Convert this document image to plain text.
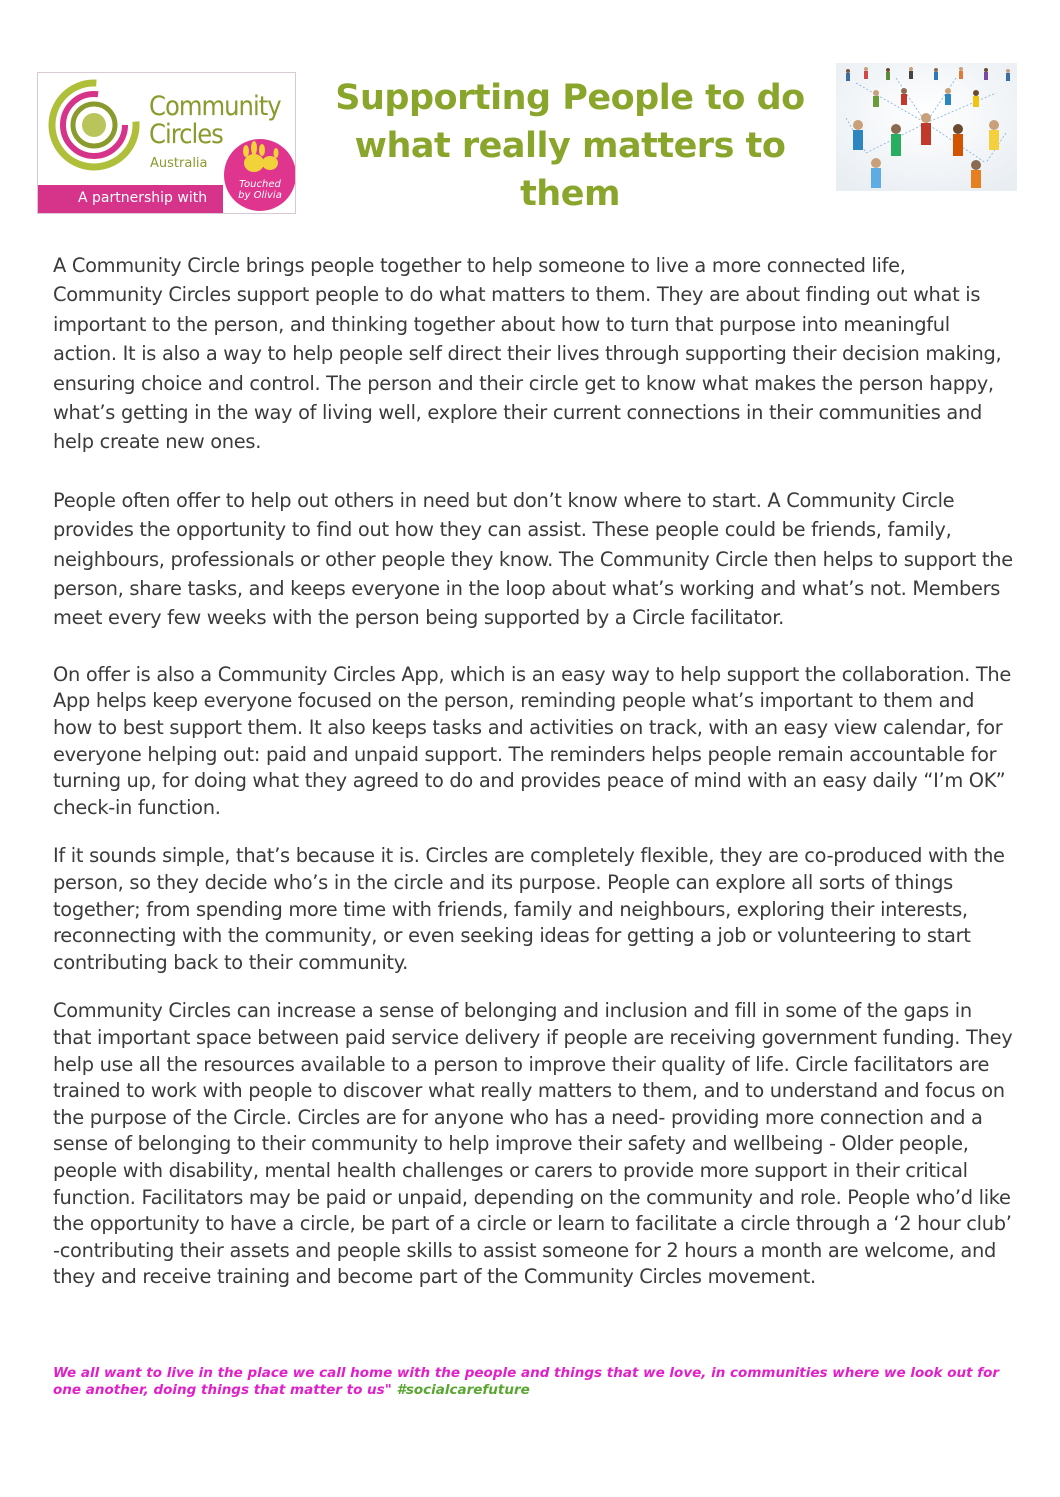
Community
Circles
Australia
A partnership with
Touched
by Olivia
Supporting People to do what really matters to them

A Community Circle brings people together to help someone to live a more connected life, Community Circles support people to do what matters to them. They are about finding out what is important to the person, and thinking together about how to turn that purpose into meaningful action. It is also a way to help people self direct their lives through supporting their decision making, ensuring choice and control. The person and their circle get to know what makes the person happy, what’s getting in the way of living well, explore their current connections in their communities and help create new ones.

People often offer to help out others in need but don’t know where to start. A Community Circle provides the opportunity to find out how they can assist. These people could be friends, family, neighbours, professionals or other people they know. The Community Circle then helps to support the person, share tasks, and keeps everyone in the loop about what’s working and what’s not. Members meet every few weeks with the person being supported by a Circle facilitator.

On offer is also a Community Circles App, which is an easy way to help support the collaboration. The App helps keep everyone focused on the person, reminding people what’s important to them and how to best support them. It also keeps tasks and activities on track, with an easy view calendar, for everyone helping out: paid and unpaid support. The reminders helps people remain accountable for turning up, for doing what they agreed to do and provides peace of mind with an easy daily “I’m OK” check-in function.

If it sounds simple, that’s because it is. Circles are completely flexible, they are co-produced with the person, so they decide who’s in the circle and its purpose. People can explore all sorts of things together; from spending more time with friends, family and neighbours, exploring their interests, reconnecting with the community, or even seeking ideas for getting a job or volunteering to start contributing back to their community.

Community Circles can increase a sense of belonging and inclusion and fill in some of the gaps in that important space between paid service delivery if people are receiving government funding. They help use all the resources available to a person to improve their quality of life. Circle facilitators are trained to work with people to discover what really matters to them, and to understand and focus on the purpose of the Circle. Circles are for anyone who has a need- providing more connection and a sense of belonging to their community to help improve their safety and wellbeing - Older people, people with disability, mental health challenges or carers to provide more support in their critical function. Facilitators may be paid or unpaid, depending on the community and role. People who’d like the opportunity to have a circle, be part of a circle or learn to facilitate a circle through a ‘2 hour club’ -contributing their assets and people skills to assist someone for 2 hours a month are welcome, and they and receive training and become part of the Community Circles movement.

We all want to live in the place we call home with the people and things that we love, in communities where we look out for one another, doing things that matter to us" #socialcarefuture
